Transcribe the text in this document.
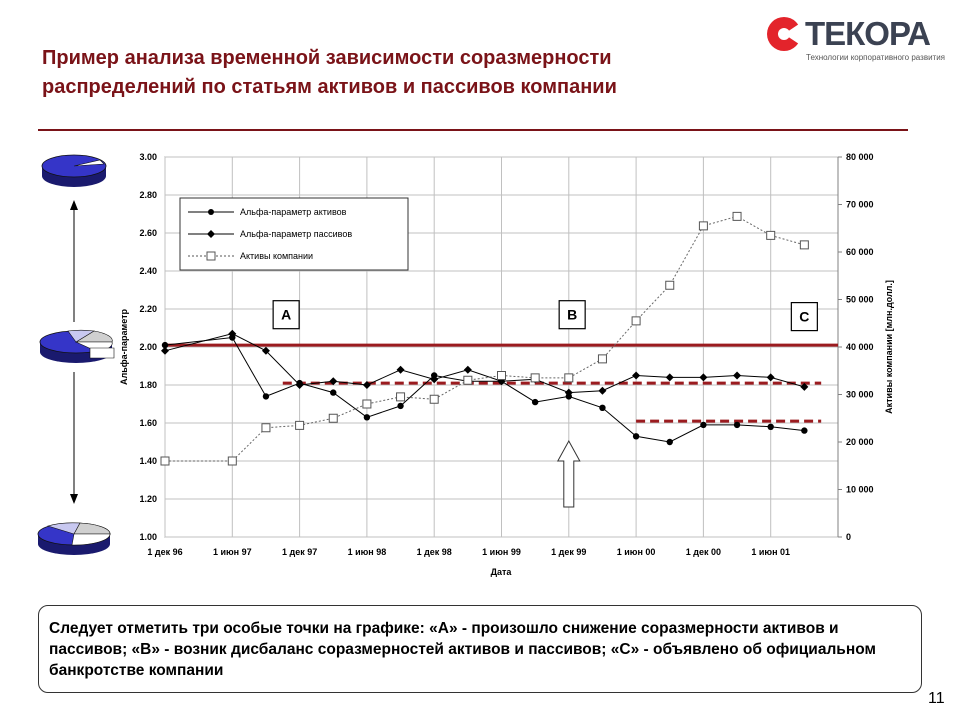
Пример анализа временной зависимости соразмерности распределений по статьям активов и пассивов компании
ТЕКОРА
Технологии корпоративного развития
1.00
1.20
1.40
1.60
1.80
2.00
2.20
2.40
2.60
2.80
3.00
0
10 000
20 000
30 000
40 000
50 000
60 000
70 000
80 000
1 дек 96	1 июн 97	1 дек 97	1 июн 98	1 дек 98	1 июн 99	1 дек 99	1 июн 00	1 дек 00	1 июн 01
A	B	C
Альфа-параметр	Активы компании [млн.долл.]
Дата
Альфа-параметр активов
Альфа-параметр пассивов
Активы компании
Следует отметить три особые точки на графике: «А» - произошло снижение соразмерности активов и пассивов; «В» - возник дисбаланс соразмерностей активов и пассивов; «С» - объявлено об официальном банкротстве компании
11
